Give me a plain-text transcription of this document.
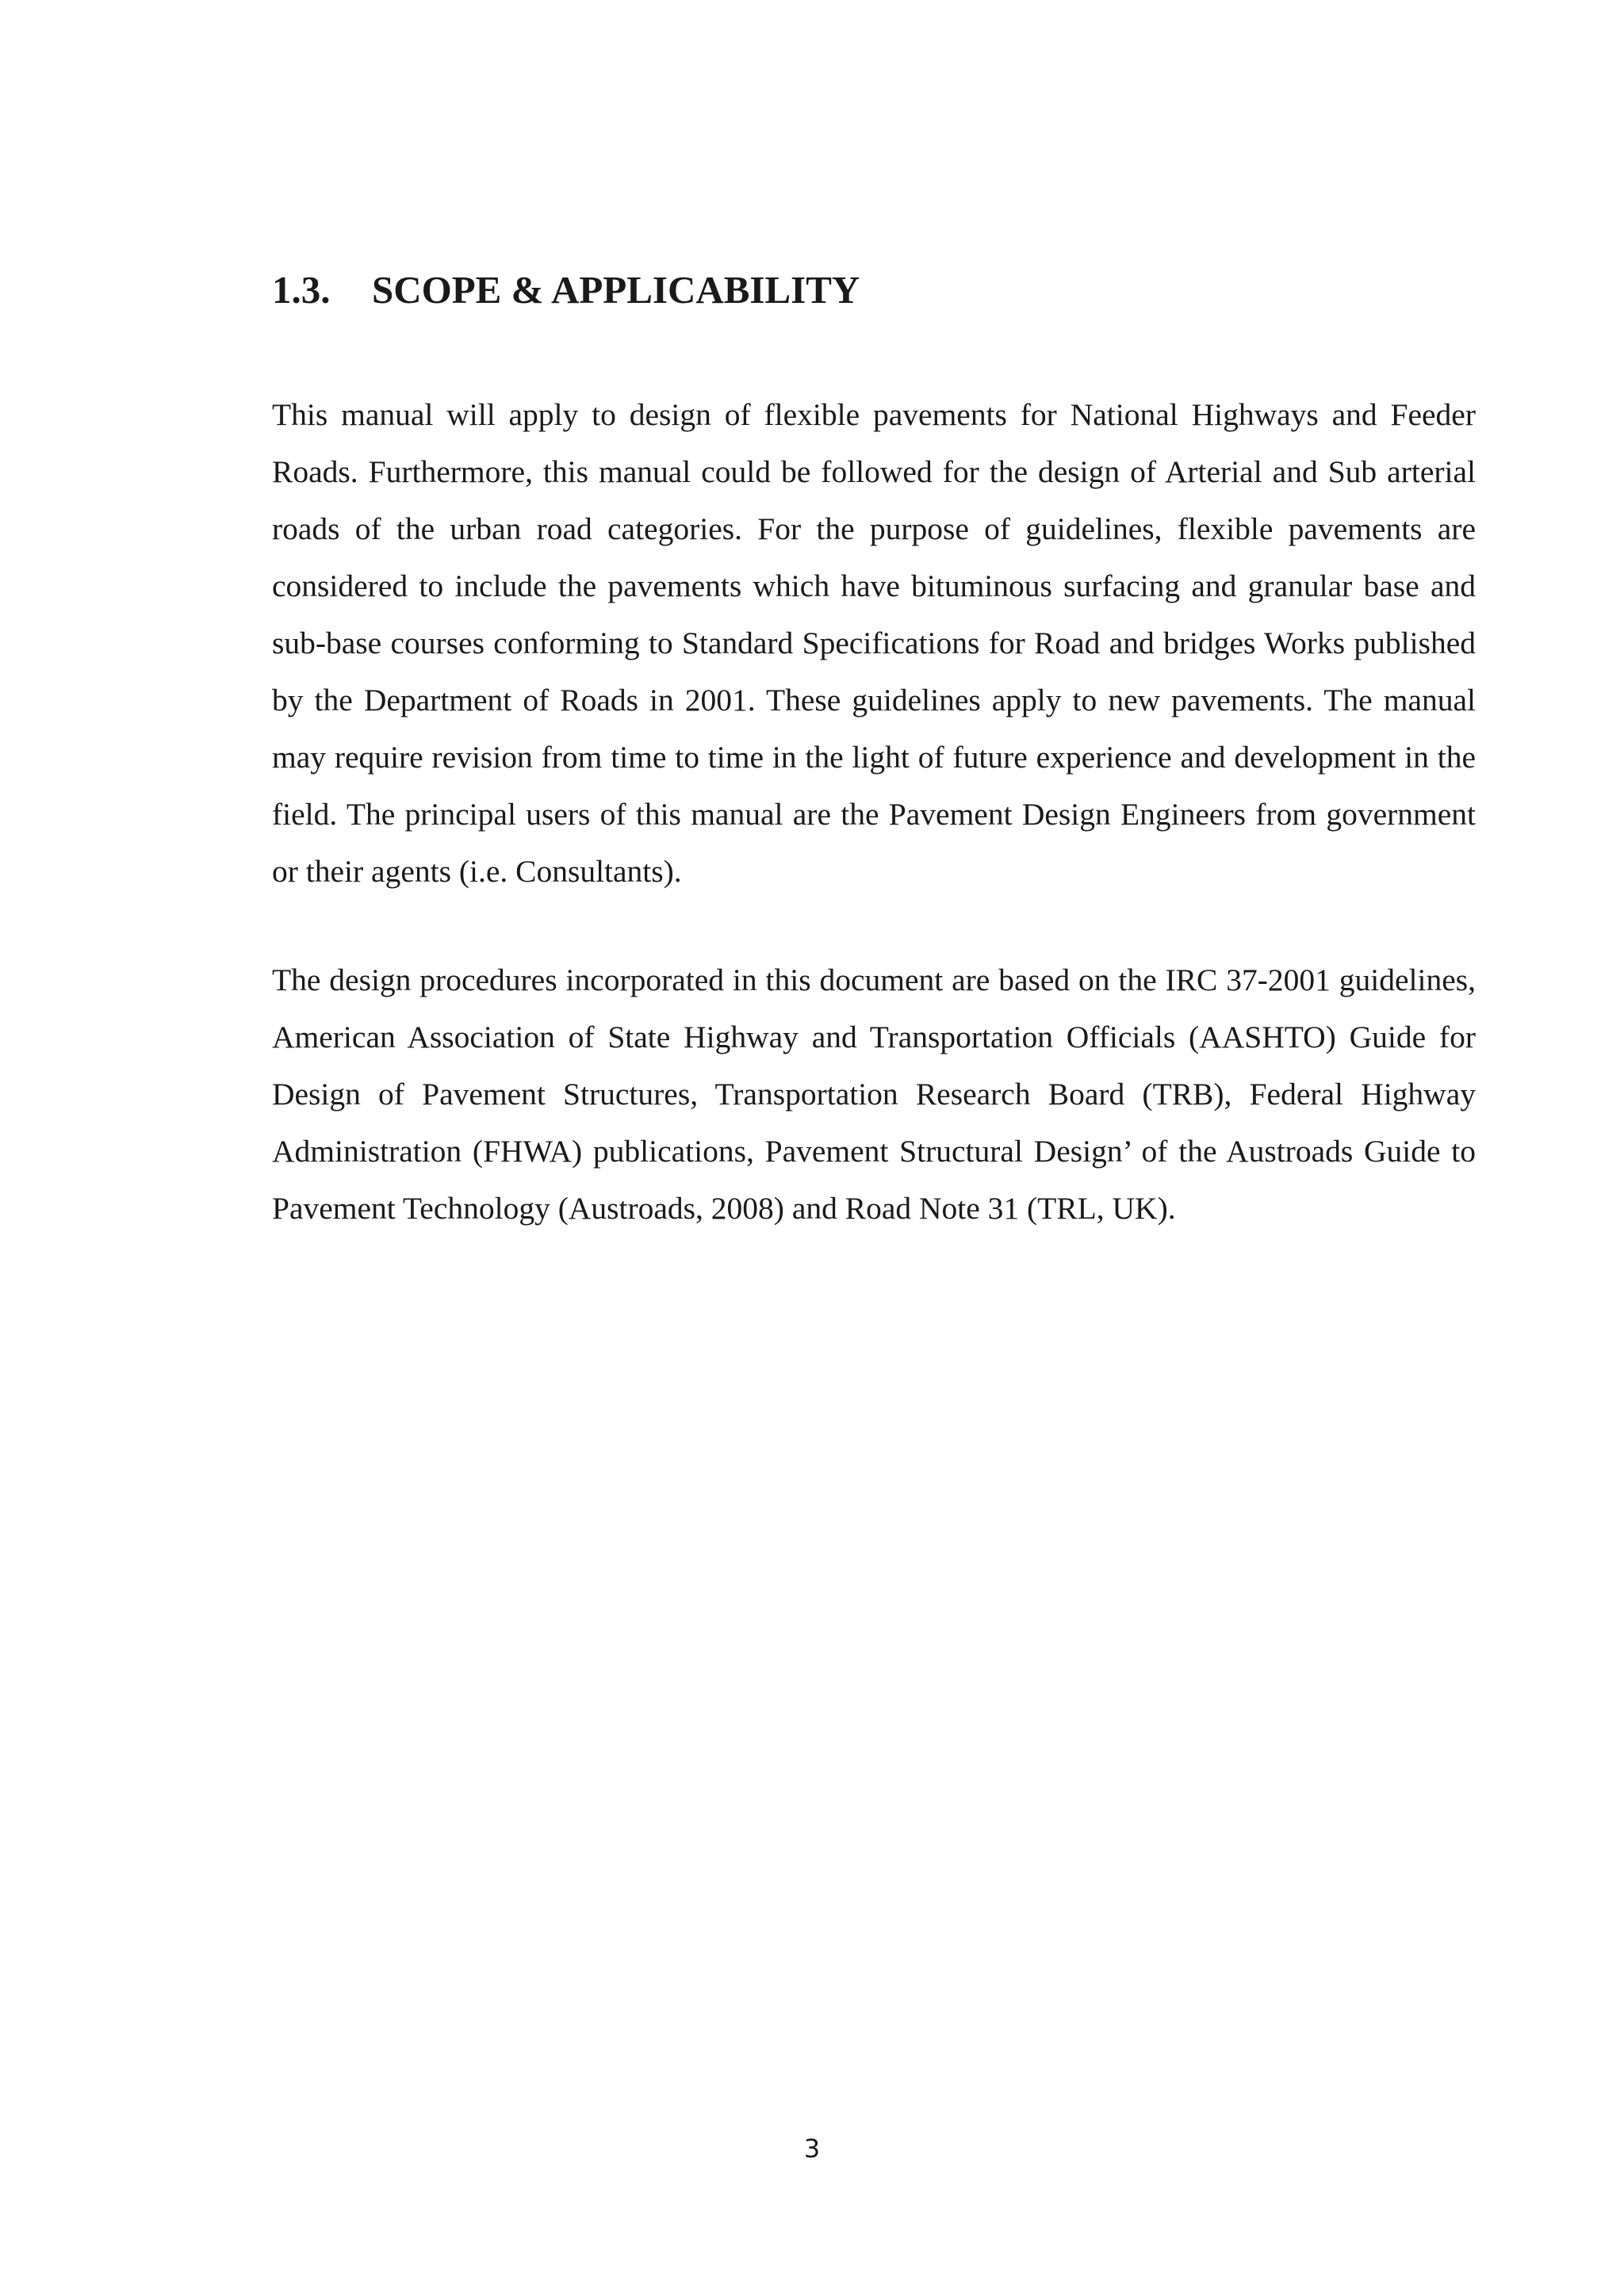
1.3. SCOPE & APPLICABILITY

This manual will apply to design of flexible pavements for National Highways and Feeder Roads. Furthermore, this manual could be followed for the design of Arterial and Sub arterial roads of the urban road categories. For the purpose of guidelines, flexible pavements are considered to include the pavements which have bituminous surfacing and granular base and sub-base courses conforming to Standard Specifications for Road and bridges Works published by the Department of Roads in 2001. These guidelines apply to new pavements. The manual may require revision from time to time in the light of future experience and development in the field. The principal users of this manual are the Pavement Design Engineers from government or their agents (i.e. Consultants).

The design procedures incorporated in this document are based on the IRC 37-2001 guidelines, American Association of State Highway and Transportation Officials (AASHTO) Guide for Design of Pavement Structures, Transportation Research Board (TRB), Federal Highway Administration (FHWA) publications, Pavement Structural Design’ of the Austroads Guide to Pavement Technology (Austroads, 2008) and Road Note 31 (TRL, UK).

3
